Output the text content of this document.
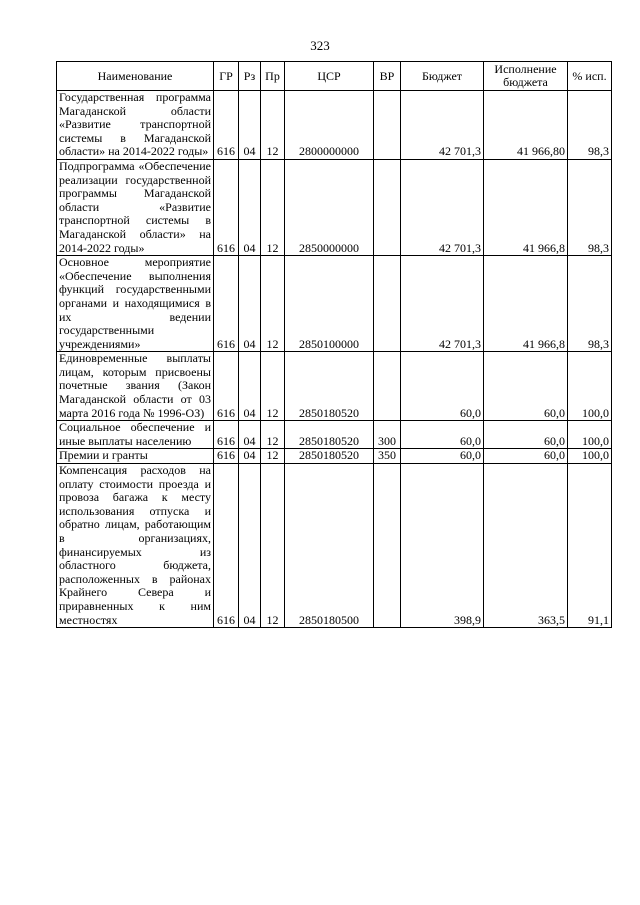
323
Наименование	ГР	Рз	Пр	ЦСР	ВР	Бюджет	Исполнение бюджета	% исп.
Государственная программа Магаданской области «Развитие транспортной системы в Магаданской области» на 2014-2022 годы»	616	04	12	2800000000		42 701,3	41 966,80	98,3
Подпрограмма «Обеспечение реализации государственной программы Магаданской области «Развитие транспортной системы в Магаданской области» на 2014-2022 годы»	616	04	12	2850000000		42 701,3	41 966,8	98,3
Основное мероприятие «Обеспечение выполнения функций государственными органами и находящимися в их ведении государственными учреждениями»	616	04	12	2850100000		42 701,3	41 966,8	98,3
Единовременные выплаты лицам, которым присвоены почетные звания (Закон Магаданской области от 03 марта 2016 года № 1996-ОЗ)	616	04	12	2850180520		60,0	60,0	100,0
Социальное обеспечение и иные выплаты населению	616	04	12	2850180520	300	60,0	60,0	100,0
Премии и гранты	616	04	12	2850180520	350	60,0	60,0	100,0
Компенсация расходов на оплату стоимости проезда и провоза багажа к месту использования отпуска и обратно лицам, работающим в организациях, финансируемых из областного бюджета, расположенных в районах Крайнего Севера и приравненных к ним местностях	616	04	12	2850180500		398,9	363,5	91,1
